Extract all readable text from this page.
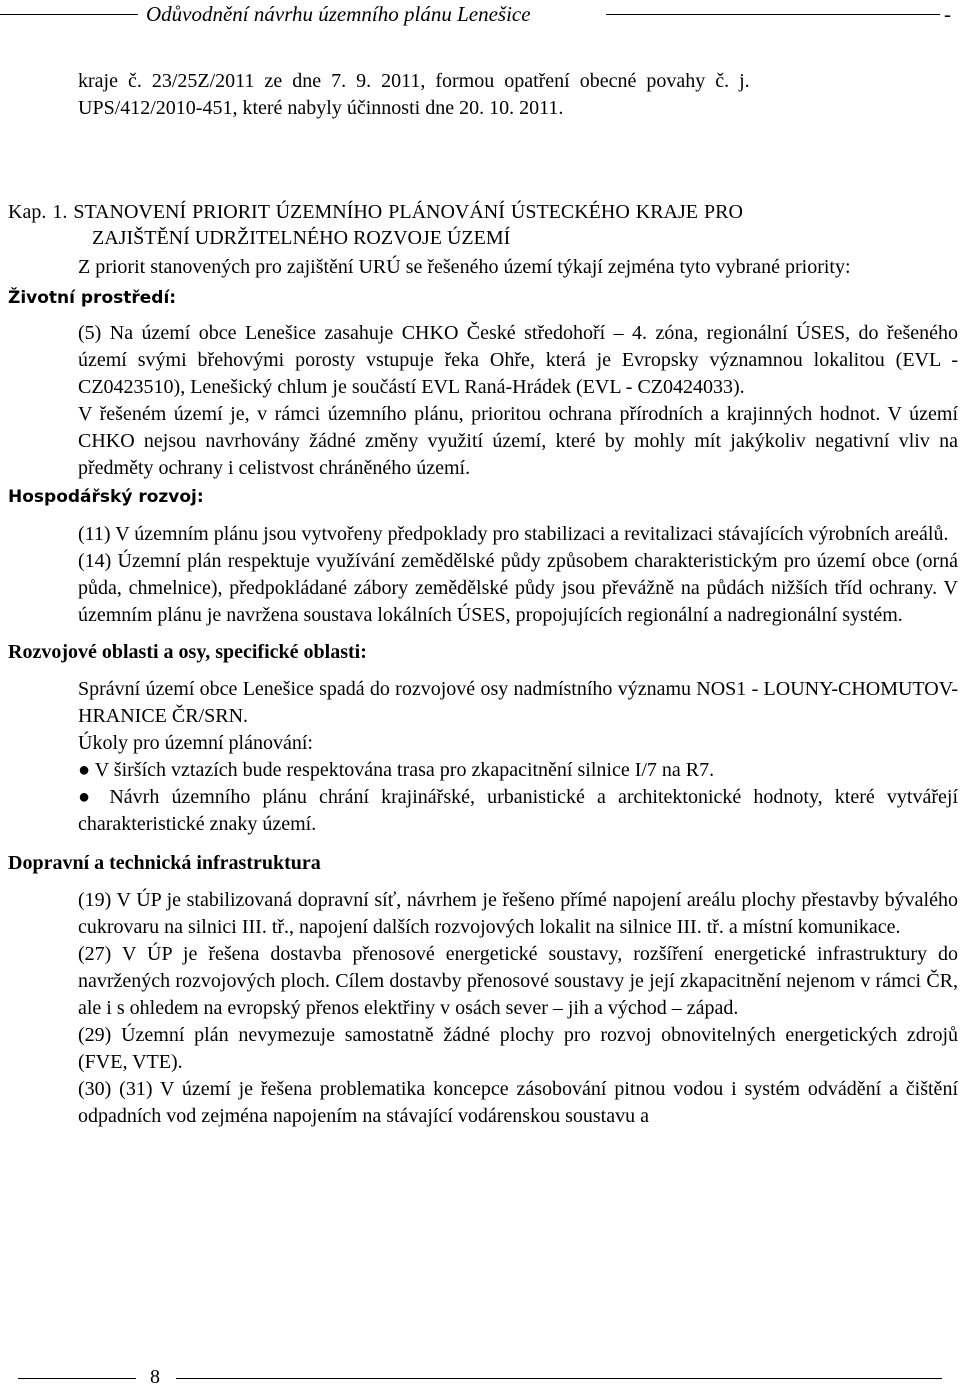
Odůvodnění návrhu územního plánu Lenešice	-

kraje č. 23/25Z/2011 ze dne 7. 9. 2011, formou opatření obecné povahy č. j.

UPS/412/2010-451, které nabyly účinnosti dne 20. 10. 2011.

Kap. 1. STANOVENÍ PRIORIT ÚZEMNÍHO PLÁNOVÁNÍ ÚSTECKÉHO KRAJE PRO

ZAJIŠTĚNÍ UDRŽITELNÉHO ROZVOJE ÚZEMÍ

Z priorit stanovených pro zajištění URÚ se řešeného území týkají zejména tyto vybrané priority:

Životní prostředí:

(5) Na území obce Lenešice zasahuje CHKO České středohoří – 4. zóna, regionální ÚSES, do řešeného území svými břehovými porosty vstupuje řeka Ohře, která je Evropsky významnou lokalitou (EVL - CZ0423510), Lenešický chlum je součástí EVL Raná-Hrádek (EVL - CZ0424033).

V řešeném území je, v rámci územního plánu, prioritou ochrana přírodních a krajinných hodnot. V území CHKO nejsou navrhovány žádné změny využití území, které by mohly mít jakýkoliv negativní vliv na předměty ochrany i celistvost chráněného území.

Hospodářský rozvoj:

(11) V územním plánu jsou vytvořeny předpoklady pro stabilizaci a revitalizaci stávajících výrobních areálů.

(14) Územní plán respektuje využívání zemědělské půdy způsobem charakteristickým pro území obce (orná půda, chmelnice), předpokládané zábory zemědělské půdy jsou převážně na půdách nižších tříd ochrany. V územním plánu je navržena soustava lokálních ÚSES, propojujících regionální a nadregionální systém.

Rozvojové oblasti a osy, specifické oblasti:

Správní území obce Lenešice spadá do rozvojové osy nadmístního významu NOS1 - LOUNY-CHOMUTOV-HRANICE ČR/SRN.

Úkoly pro územní plánování:

● V širších vztazích bude respektována trasa pro zkapacitnění silnice I/7 na R7.

● Návrh územního plánu chrání krajinářské, urbanistické a architektonické hodnoty, které vytvářejí charakteristické znaky území.

Dopravní a technická infrastruktura

(19) V ÚP je stabilizovaná dopravní síť, návrhem je řešeno přímé napojení areálu plochy přestavby bývalého cukrovaru na silnici III. tř., napojení dalších rozvojových lokalit na silnice III. tř. a místní komunikace.

(27) V ÚP je řešena dostavba přenosové energetické soustavy, rozšíření energetické infrastruktury do navržených rozvojových ploch. Cílem dostavby přenosové soustavy je její zkapacitnění nejenom v rámci ČR, ale i s ohledem na evropský přenos elektřiny v osách sever – jih a východ – západ.

(29) Územní plán nevymezuje samostatně žádné plochy pro rozvoj obnovitelných energetických zdrojů (FVE, VTE).

(30) (31) V území je řešena problematika koncepce zásobování pitnou vodou i systém odvádění a čištění odpadních vod zejména napojením na stávající vodárenskou soustavu a

8
